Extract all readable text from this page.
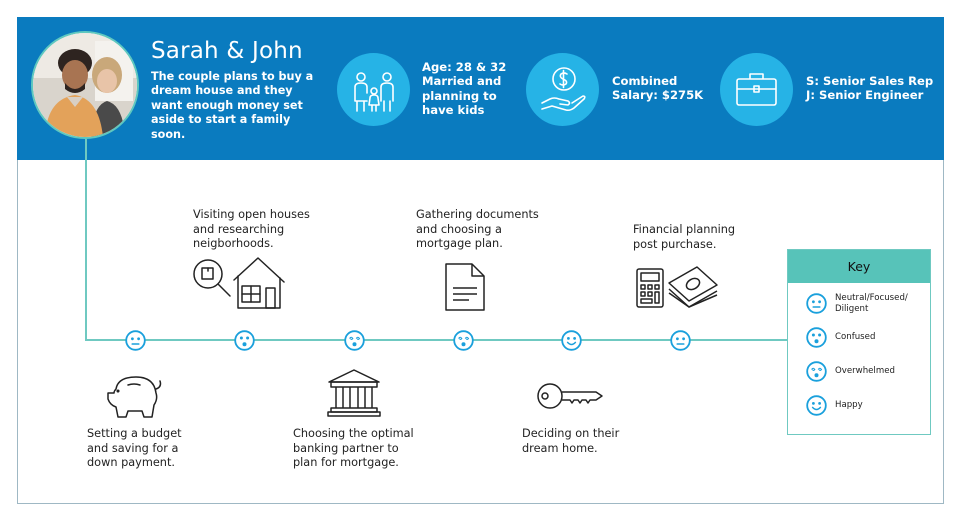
Sarah & John
The couple plans to buy a dream house and they want enough money set aside to start a family soon.
Age: 28 & 32
Married and
planning to
have kids
Combined
Salary: $275K
S: Senior Sales Rep
J: Senior Engineer
Visiting open houses
and researching
neigborhoods.
Gathering documents
and choosing a
mortgage plan.
Financial planning
post purchase.
Setting a budget
and saving for a
down payment.
Choosing the optimal
banking partner to
plan for mortgage.
Deciding on their
dream home.
Key
Neutral/Focused/
Diligent
Confused
Overwhelmed
Happy
